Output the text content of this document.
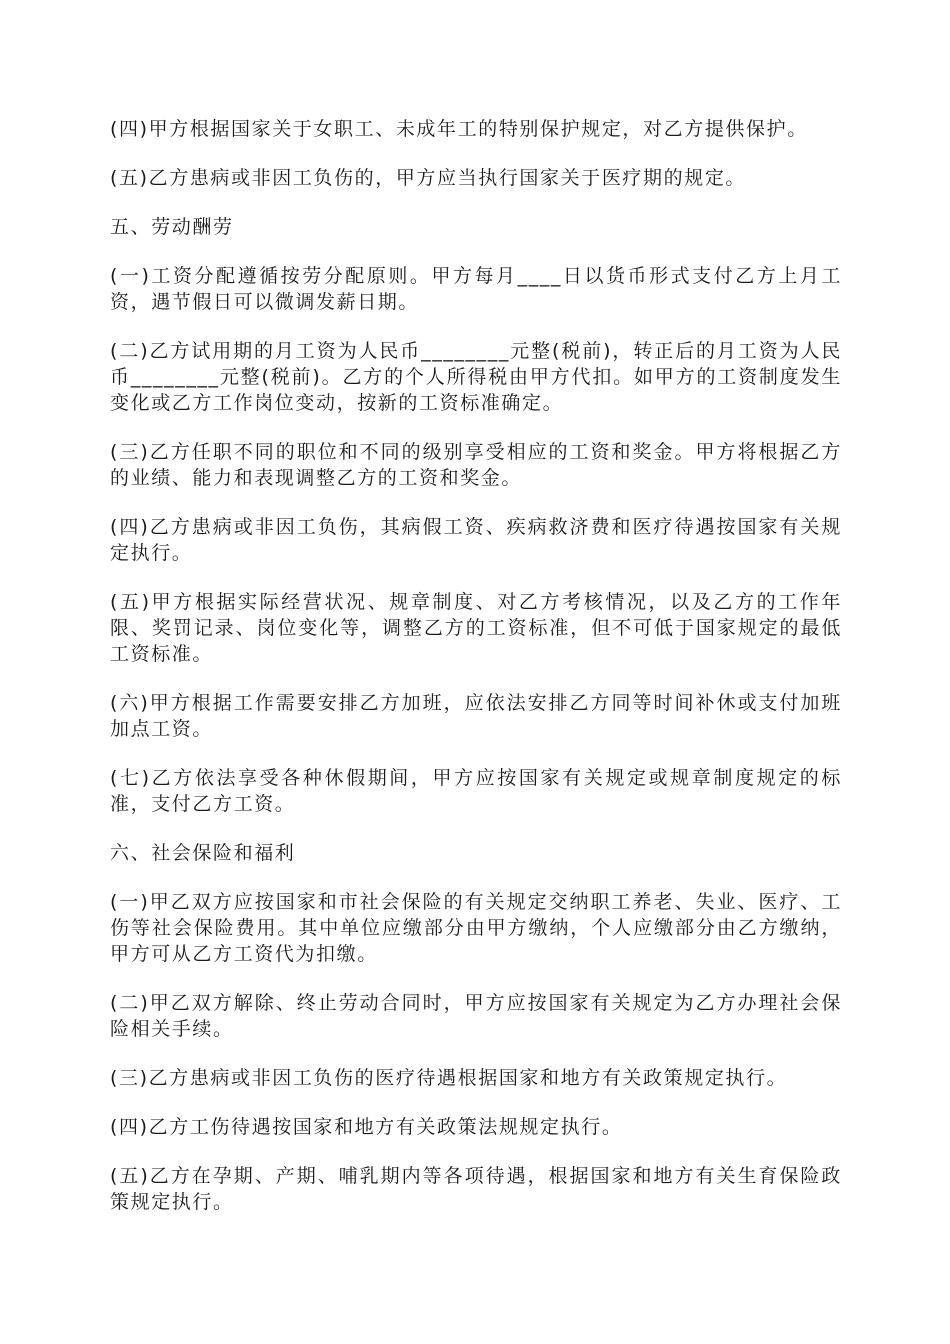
(四)甲方根据国家关于女职工、未成年工的特别保护规定，对乙方提供保护。

(五)乙方患病或非因工负伤的，甲方应当执行国家关于医疗期的规定。

五、劳动酬劳

(一)工资分配遵循按劳分配原则。甲方每月____日以货币形式支付乙方上月工资，遇节假日可以微调发薪日期。

(二)乙方试用期的月工资为人民币________元整(税前)，转正后的月工资为人民币________元整(税前)。乙方的个人所得税由甲方代扣。如甲方的工资制度发生变化或乙方工作岗位变动，按新的工资标准确定。

(三)乙方任职不同的职位和不同的级别享受相应的工资和奖金。甲方将根据乙方的业绩、能力和表现调整乙方的工资和奖金。

(四)乙方患病或非因工负伤，其病假工资、疾病救济费和医疗待遇按国家有关规定执行。

(五)甲方根据实际经营状况、规章制度、对乙方考核情况，以及乙方的工作年限、奖罚记录、岗位变化等，调整乙方的工资标准，但不可低于国家规定的最低工资标准。

(六)甲方根据工作需要安排乙方加班，应依法安排乙方同等时间补休或支付加班加点工资。

(七)乙方依法享受各种休假期间，甲方应按国家有关规定或规章制度规定的标准，支付乙方工资。

六、社会保险和福利

(一)甲乙双方应按国家和市社会保险的有关规定交纳职工养老、失业、医疗、工伤等社会保险费用。其中单位应缴部分由甲方缴纳，个人应缴部分由乙方缴纳，甲方可从乙方工资代为扣缴。

(二)甲乙双方解除、终止劳动合同时，甲方应按国家有关规定为乙方办理社会保险相关手续。

(三)乙方患病或非因工负伤的医疗待遇根据国家和地方有关政策规定执行。

(四)乙方工伤待遇按国家和地方有关政策法规规定执行。

(五)乙方在孕期、产期、哺乳期内等各项待遇，根据国家和地方有关生育保险政策规定执行。
